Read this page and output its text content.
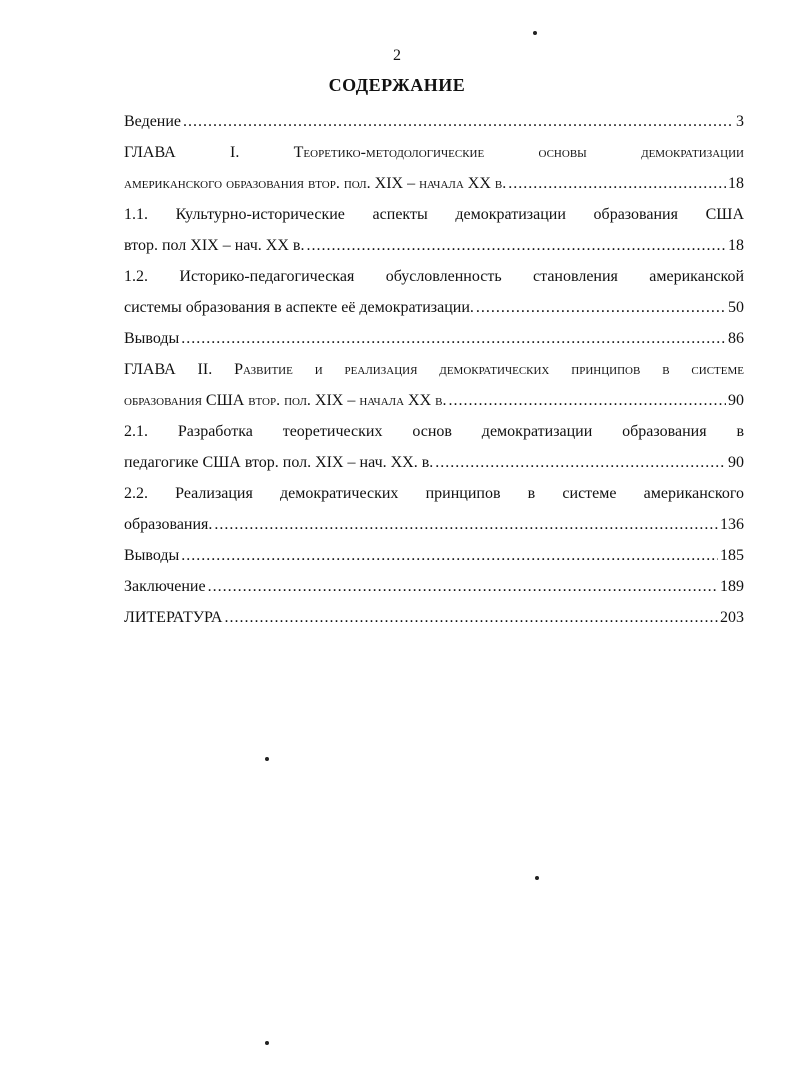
2
СОДЕРЖАНИЕ
Ведение .....	3
ГЛАВА I. Теоретико-методологические основы демократизации
американского образования втор. пол. XIX – начала XX в. .....	18
1.1. Культурно-исторические аспекты демократизации образования США
втор. пол XIX – нач. XX в. .....	18
1.2. Историко-педагогическая обусловленность становления американской
системы образования в аспекте её демократизации. .....	50
Выводы .....	86
ГЛАВА II. Развитие и реализация демократических принципов в системе
образования США втор. пол. XIX – начала XX в. .....	90
2.1. Разработка теоретических основ демократизации образования в
педагогике США втор. пол. XIX – нач. XX. в. .....	90
2.2. Реализация демократических принципов в системе американского
образования. .....	136
Выводы .....	185
Заключение .....	189
ЛИТЕРАТУРА .....	203
